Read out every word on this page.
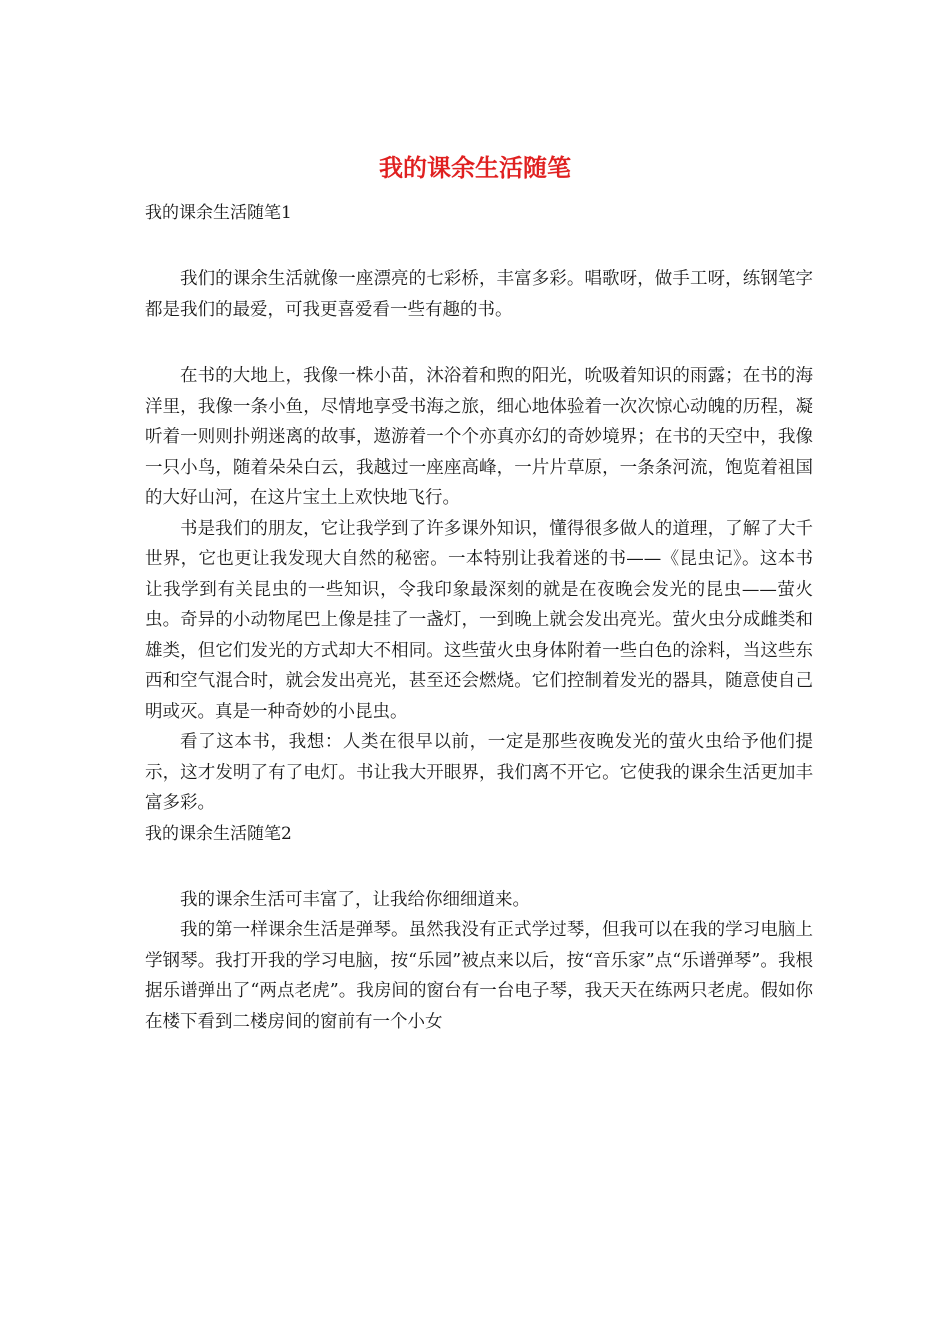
我的课余生活随笔

我的课余生活随笔1

我们的课余生活就像一座漂亮的七彩桥，丰富多彩。唱歌呀，做手工呀，练钢笔字都是我们的最爱，可我更喜爱看一些有趣的书。

在书的大地上，我像一株小苗，沐浴着和煦的阳光，吮吸着知识的雨露；在书的海洋里，我像一条小鱼，尽情地享受书海之旅，细心地体验着一次次惊心动魄的历程，凝听着一则则扑朔迷离的故事，遨游着一个个亦真亦幻的奇妙境界；在书的天空中，我像一只小鸟，随着朵朵白云，我越过一座座高峰，一片片草原，一条条河流，饱览着祖国的大好山河，在这片宝土上欢快地飞行。

书是我们的朋友，它让我学到了许多课外知识，懂得很多做人的道理，了解了大千世界，它也更让我发现大自然的秘密。一本特别让我着迷的书——《昆虫记》。这本书让我学到有关昆虫的一些知识，令我印象最深刻的就是在夜晚会发光的昆虫——萤火虫。奇异的小动物尾巴上像是挂了一盏灯，一到晚上就会发出亮光。萤火虫分成雌类和雄类，但它们发光的方式却大不相同。这些萤火虫身体附着一些白色的涂料，当这些东西和空气混合时，就会发出亮光，甚至还会燃烧。它们控制着发光的器具，随意使自己明或灭。真是一种奇妙的小昆虫。

看了这本书，我想：人类在很早以前，一定是那些夜晚发光的萤火虫给予他们提示，这才发明了有了电灯。书让我大开眼界，我们离不开它。它使我的课余生活更加丰富多彩。

我的课余生活随笔2

我的课余生活可丰富了，让我给你细细道来。

我的第一样课余生活是弹琴。虽然我没有正式学过琴，但我可以在我的学习电脑上学钢琴。我打开我的学习电脑，按“乐园”被点来以后，按“音乐家”点“乐谱弹琴”。我根据乐谱弹出了“两点老虎”。我房间的窗台有一台电子琴，我天天在练两只老虎。假如你在楼下看到二楼房间的窗前有一个小女
